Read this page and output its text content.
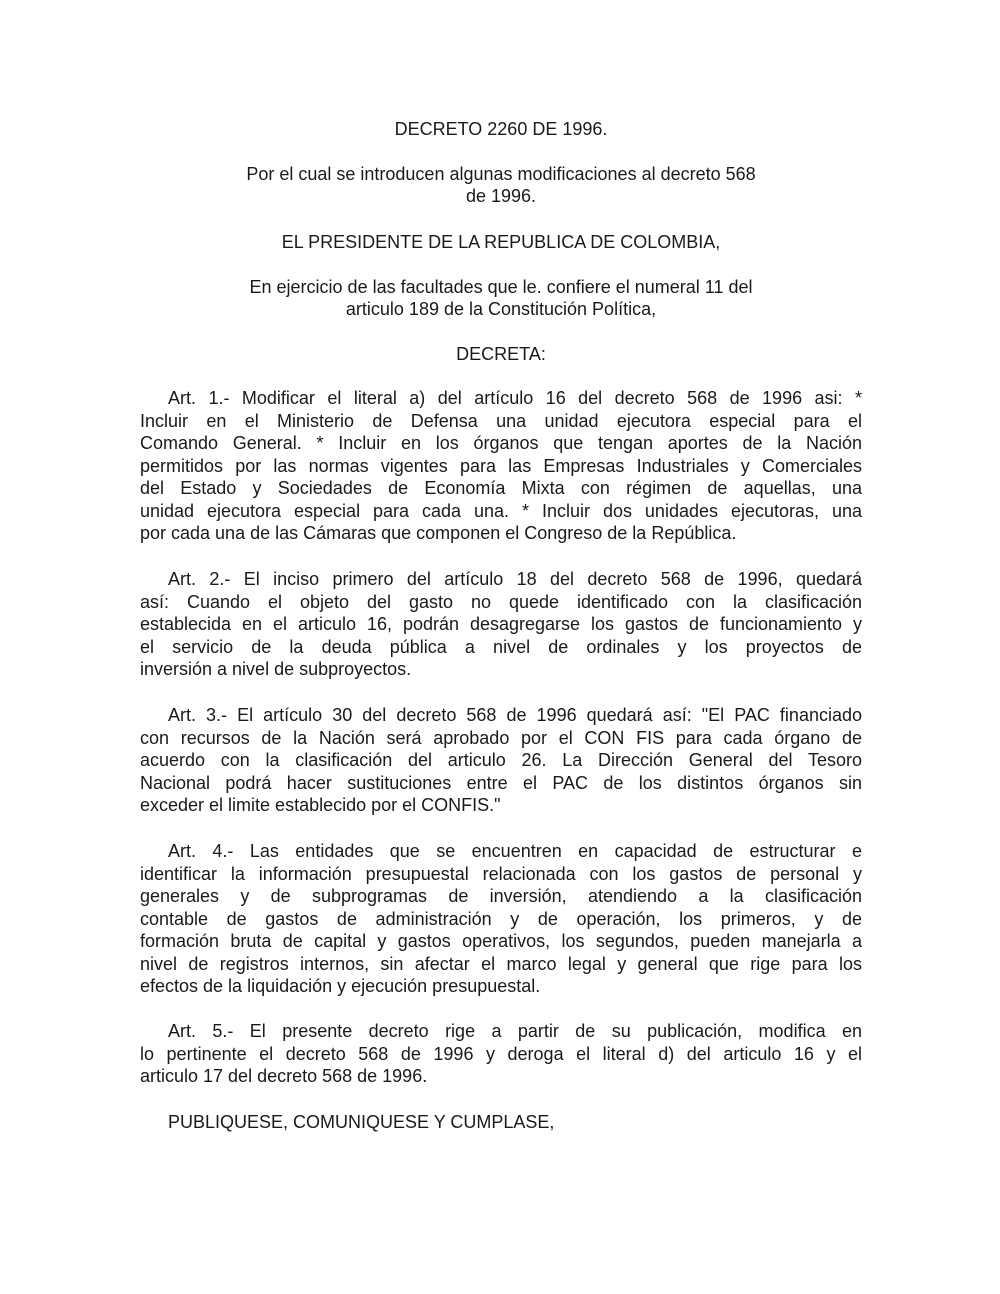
DECRETO 2260 DE 1996.
Por el cual se introducen algunas modificaciones al decreto 568
de 1996.
EL PRESIDENTE DE LA REPUBLICA DE COLOMBIA,
En ejercicio de las facultades que le. confiere el numeral 11 del
articulo 189 de la Constitución Política,
DECRETA:
Art. 1.- Modificar el literal a) del artículo 16 del decreto 568 de 1996 asi: *
Incluir en el Ministerio de Defensa una unidad ejecutora especial para el
Comando General. * Incluir en los órganos que tengan aportes de la Nación
permitidos por las normas vigentes para las Empresas Industriales y Comerciales
del Estado y Sociedades de Economía Mixta con régimen de aquellas, una
unidad ejecutora especial para cada una. * Incluir dos unidades ejecutoras, una
por cada una de las Cámaras que componen el Congreso de la República.
Art. 2.- El inciso primero del artículo 18 del decreto 568 de 1996, quedará
así: Cuando el objeto del gasto no quede identificado con la clasificación
establecida en el articulo 16, podrán desagregarse los gastos de funcionamiento y
el servicio de la deuda pública a nivel de ordinales y los proyectos de
inversión a nivel de subproyectos.
Art. 3.- El artículo 30 del decreto 568 de 1996 quedará así: "El PAC financiado
con recursos de la Nación será aprobado por el CON FIS para cada órgano de
acuerdo con la clasificación del articulo 26. La Dirección General del Tesoro
Nacional podrá hacer sustituciones entre el PAC de los distintos órganos sin
exceder el limite establecido por el CONFIS."
Art. 4.- Las entidades que se encuentren en capacidad de estructurar e
identificar la información presupuestal relacionada con los gastos de personal y
generales y de subprogramas de inversión, atendiendo a la clasificación
contable de gastos de administración y de operación, los primeros, y de
formación bruta de capital y gastos operativos, los segundos, pueden manejarla a
nivel de registros internos, sin afectar el marco legal y general que rige para los
efectos de la liquidación y ejecución presupuestal.
Art. 5.- El presente decreto rige a partir de su publicación, modifica en
lo pertinente el decreto 568 de 1996 y deroga el literal d) del articulo 16 y el
articulo 17 del decreto 568 de 1996.
PUBLIQUESE, COMUNIQUESE Y CUMPLASE,
